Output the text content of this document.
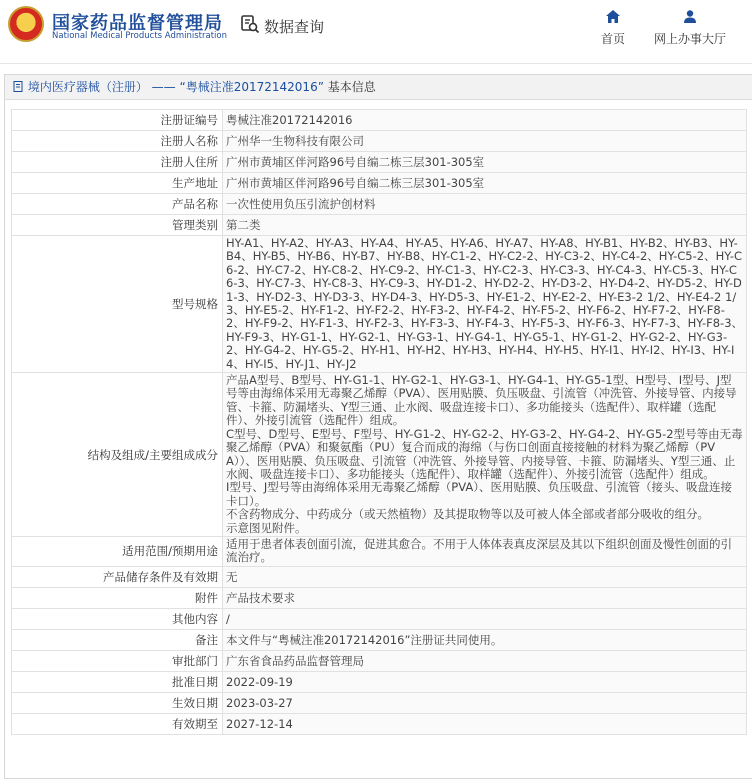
国家药品监督管理局
National Medical Products Administration
数据查询
首页 网上办事大厅
境内医疗器械（注册） —— “粤械注准20172142016” 基本信息
注册证编号	粤械注准20172142016
注册人名称	广州华一生物科技有限公司
注册人住所	广州市黄埔区伴河路96号自编二栋三层301-305室
生产地址	广州市黄埔区伴河路96号自编二栋三层301-305室
产品名称	一次性使用负压引流护创材料
管理类别	第二类
型号规格	HY-A1、HY-A2、HY-A3、HY-A4、HY-A5、HY-A6、HY-A7、HY-A8、HY-B1、HY-B2、HY-B3、HY-B4、HY-B5、HY-B6、HY-B7、HY-B8、HY-C1-2、HY-C2-2、HY-C3-2、HY-C4-2、HY-C5-2、HY-C6-2、HY-C7-2、HY-C8-2、HY-C9-2、HY-C1-3、HY-C2-3、HY-C3-3、HY-C4-3、HY-C5-3、HY-C6-3、HY-C7-3、HY-C8-3、HY-C9-3、HY-D1-2、HY-D2-2、HY-D3-2、HY-D4-2、HY-D5-2、HY-D1-3、HY-D2-3、HY-D3-3、HY-D4-3、HY-D5-3、HY-E1-2、HY-E2-2、HY-E3-2 1/2、HY-E4-2 1/3、HY-E5-2、HY-F1-2、HY-F2-2、HY-F3-2、HY-F4-2、HY-F5-2、HY-F6-2、HY-F7-2、HY-F8-2、HY-F9-2、HY-F1-3、HY-F2-3、HY-F3-3、HY-F4-3、HY-F5-3、HY-F6-3、HY-F7-3、HY-F8-3、HY-F9-3、HY-G1-1、HY-G2-1、HY-G3-1、HY-G4-1、HY-G5-1、HY-G1-2、HY-G2-2、HY-G3-2、HY-G4-2、HY-G5-2、HY-H1、HY-H2、HY-H3、HY-H4、HY-H5、HY-I1、HY-I2、HY-I3、HY-I4、HY-I5、HY-J1、HY-J2
结构及组成/主要组成成分	产品A型号、B型号、HY-G1-1、HY-G2-1、HY-G3-1、HY-G4-1、HY-G5-1型、H型号、I型号、J型号等由海绵体采用无毒聚乙烯醇（PVA）、医用贴膜、负压吸盘、引流管（冲洗管、外接导管、内接导管、卡箍、防漏堵头、Y型三通、止水阀、吸盘连接卡口）、多功能接头（选配件）、取样罐（选配件）、外接引流管（选配件）组成。
C型号、D型号、E型号、F型号、HY-G1-2、HY-G2-2、HY-G3-2、HY-G4-2、HY-G5-2型号等由无毒聚乙烯醇（PVA）和聚氨酯（PU）复合而成的海绵（与伤口创面直接接触的材料为聚乙烯醇（PVA））、医用贴膜、负压吸盘、引流管（冲洗管、外接导管、内接导管、卡箍、防漏堵头、Y型三通、止水阀、吸盘连接卡口）、多功能接头（选配件）、取样罐（选配件）、外接引流管（选配件）组成。
I型号、J型号等由海绵体采用无毒聚乙烯醇（PVA）、医用贴膜、负压吸盘、引流管（接头、吸盘连接卡口）。
不含药物成分、中药成分（或天然植物）及其提取物等以及可被人体全部或者部分吸收的组分。
示意图见附件。
适用范围/预期用途	适用于患者体表创面引流，促进其愈合。不用于人体体表真皮深层及其以下组织创面及慢性创面的引流治疗。
产品储存条件及有效期	无
附件	产品技术要求
其他内容	/
备注	本文件与“粤械注准20172142016”注册证共同使用。
审批部门	广东省食品药品监督管理局
批准日期	2022-09-19
生效日期	2023-03-27
有效期至	2027-12-14
